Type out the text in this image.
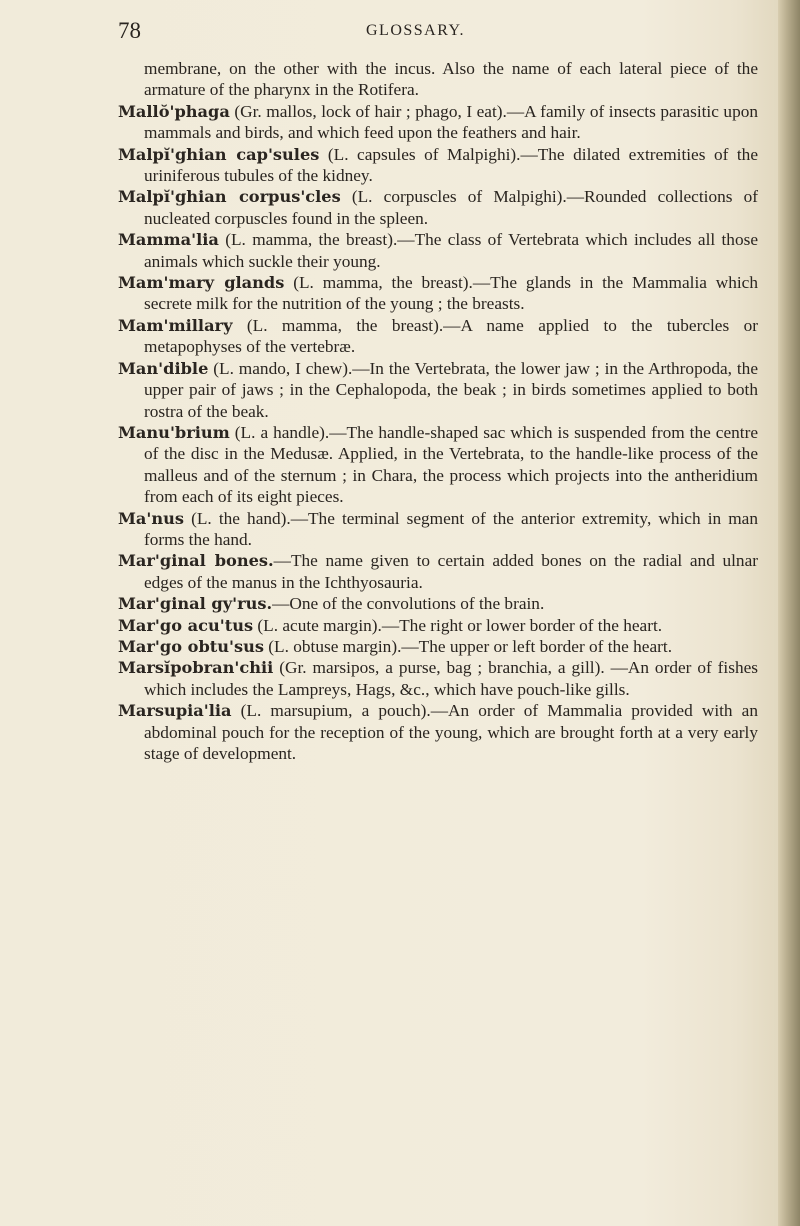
78	GLOSSARY.

membrane, on the other with the incus. Also the name of each lateral piece of the armature of the pharynx in the Rotifera.

Mallŏ'phaga (Gr. mallos, lock of hair ; phago, I eat).—A family of insects parasitic upon mammals and birds, and which feed upon the feathers and hair.

Malpĭ'ghian cap'sules (L. capsules of Malpighi).—The dilated extremities of the uriniferous tubules of the kidney.

Malpĭ'ghian corpus'cles (L. corpuscles of Malpighi).—Rounded collections of nucleated corpuscles found in the spleen.

Mamma'lia (L. mamma, the breast).—The class of Vertebrata which includes all those animals which suckle their young.

Mam'mary glands (L. mamma, the breast).—The glands in the Mammalia which secrete milk for the nutrition of the young ; the breasts.

Mam'millary (L. mamma, the breast).—A name applied to the tubercles or metapophyses of the vertebræ.

Man'dible (L. mando, I chew).—In the Vertebrata, the lower jaw ; in the Arthropoda, the upper pair of jaws ; in the Cephalopoda, the beak ; in birds sometimes applied to both rostra of the beak.

Manu'brium (L. a handle).—The handle-shaped sac which is suspended from the centre of the disc in the Medusæ. Applied, in the Vertebrata, to the handle-like process of the malleus and of the sternum ; in Chara, the process which projects into the antheridium from each of its eight pieces.

Ma'nus (L. the hand).—The terminal segment of the anterior extremity, which in man forms the hand.

Mar'ginal bones.—The name given to certain added bones on the radial and ulnar edges of the manus in the Ichthyosauria.

Mar'ginal gy'rus.—One of the convolutions of the brain.

Mar'go acu'tus (L. acute margin).—The right or lower border of the heart.

Mar'go obtu'sus (L. obtuse margin).—The upper or left border of the heart.

Marsĭpobran'chii (Gr. marsipos, a purse, bag ; branchia, a gill). —An order of fishes which includes the Lampreys, Hags, &c., which have pouch-like gills.

Marsupia'lia (L. marsupium, a pouch).—An order of Mammalia provided with an abdominal pouch for the reception of the young, which are brought forth at a very early stage of development.
